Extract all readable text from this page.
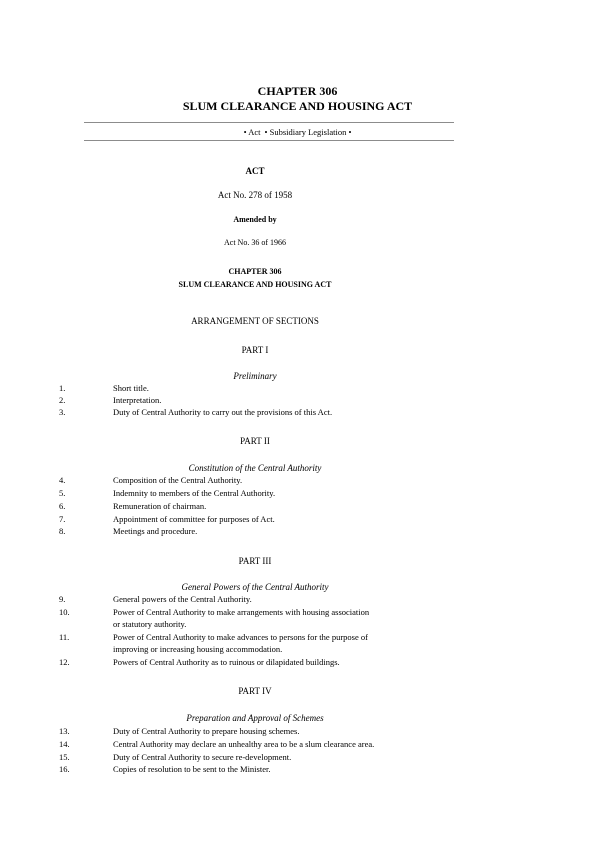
CHAPTER 306
SLUM CLEARANCE AND HOUSING ACT
• Act • Subsidiary Legislation •
ACT
Act No. 278 of 1958
Amended by
Act No. 36 of 1966
CHAPTER 306
SLUM CLEARANCE AND HOUSING ACT
ARRANGEMENT OF SECTIONS
PART I
Preliminary
1.	Short title.
2.	Interpretation.
3.	Duty of Central Authority to carry out the provisions of this Act.
PART II
Constitution of the Central Authority
4.	Composition of the Central Authority.
5.	Indemnity to members of the Central Authority.
6.	Remuneration of chairman.
7.	Appointment of committee for purposes of Act.
8.	Meetings and procedure.
PART III
General Powers of the Central Authority
9.	General powers of the Central Authority.
10.	Power of Central Authority to make arrangements with housing association
or statutory authority.
11.	Power of Central Authority to make advances to persons for the purpose of
improving or increasing housing accommodation.
12.	Powers of Central Authority as to ruinous or dilapidated buildings.
PART IV
Preparation and Approval of Schemes
13.	Duty of Central Authority to prepare housing schemes.
14.	Central Authority may declare an unhealthy area to be a slum clearance area.
15.	Duty of Central Authority to secure re-development.
16.	Copies of resolution to be sent to the Minister.
